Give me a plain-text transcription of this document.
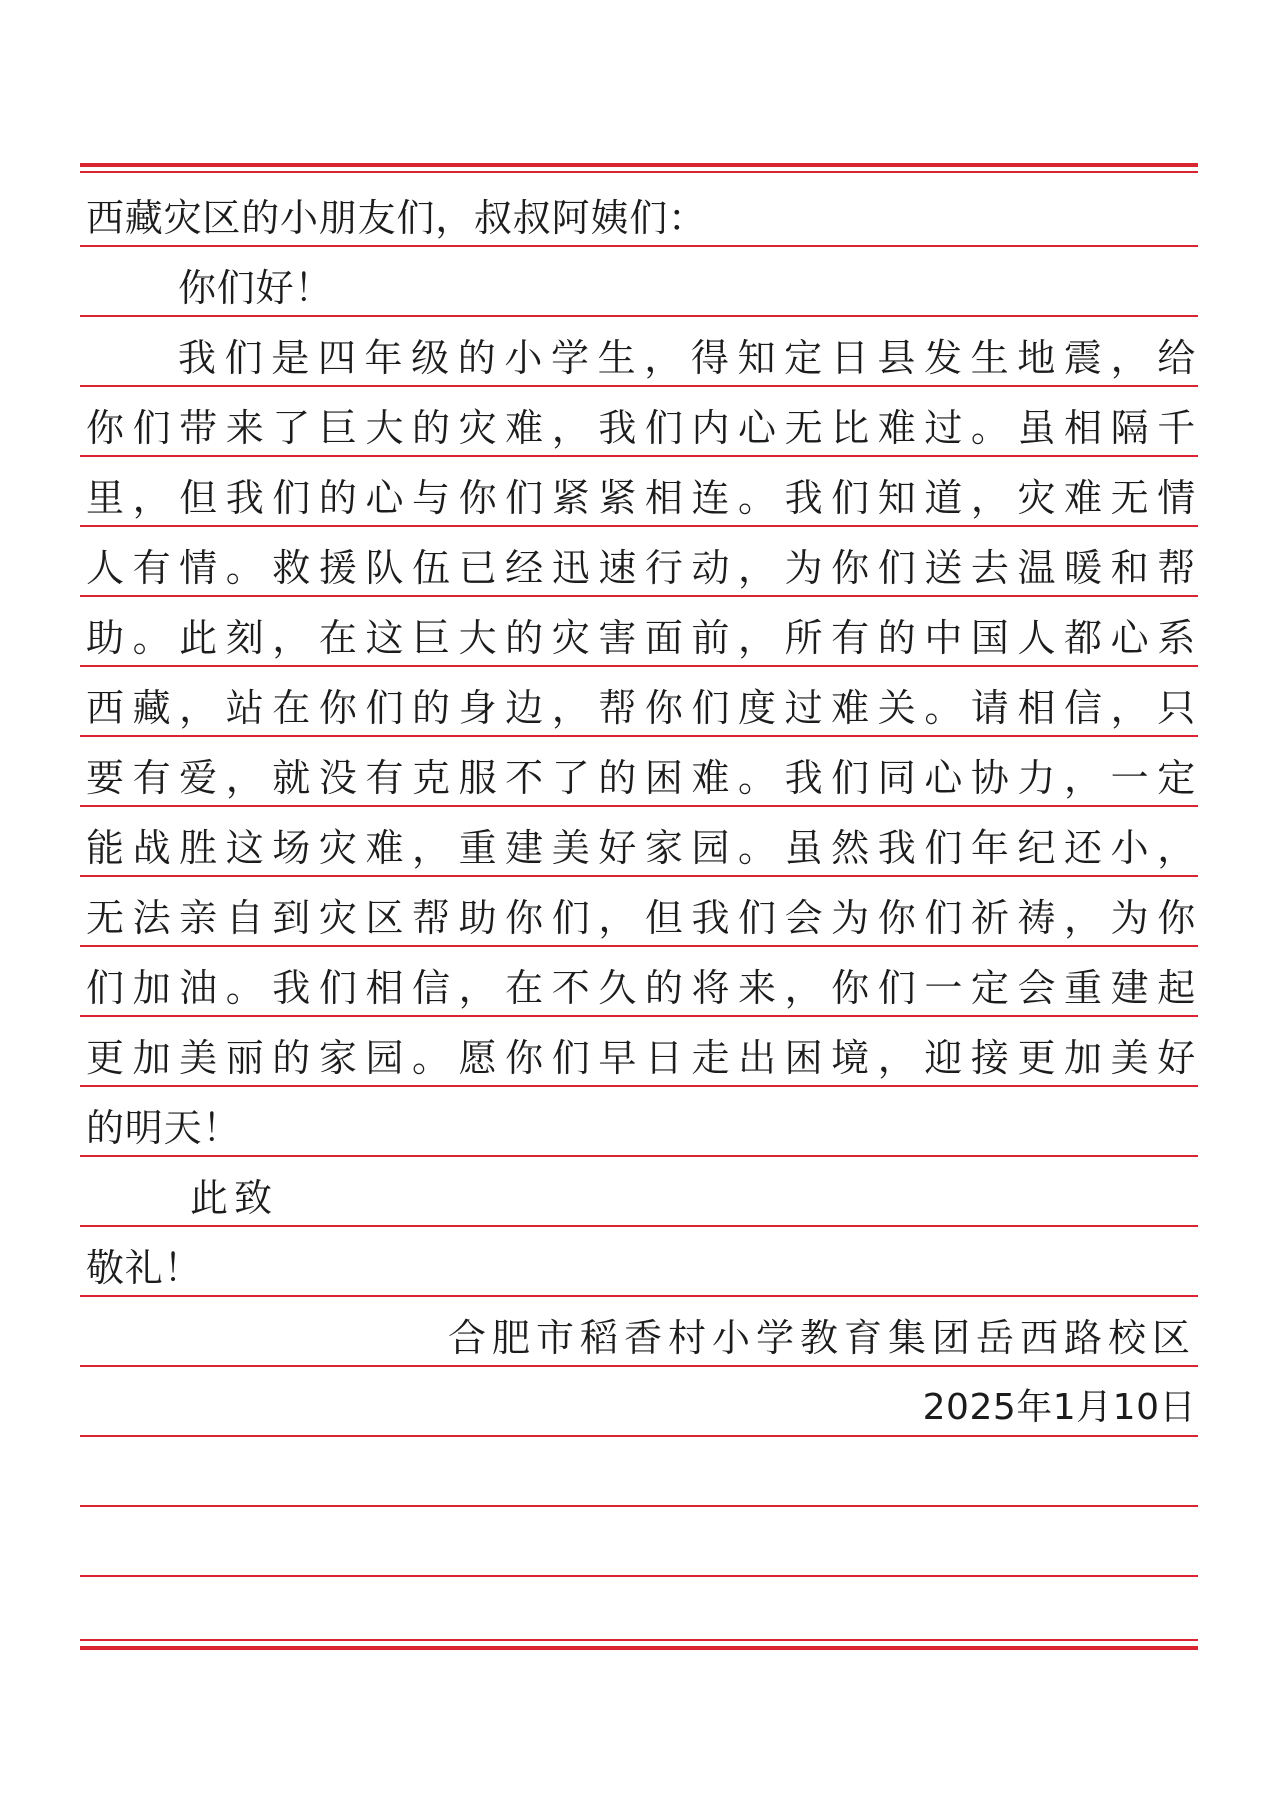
西藏灾区的小朋友们，叔叔阿姨们：
你们好！
我们是四年级的小学生，得知定日县发生地震，给
你们带来了巨大的灾难，我们内心无比难过。虽相隔千
里，但我们的心与你们紧紧相连。我们知道，灾难无情
人有情。救援队伍已经迅速行动，为你们送去温暖和帮
助。此刻，在这巨大的灾害面前，所有的中国人都心系
西藏，站在你们的身边，帮你们度过难关。请相信，只
要有爱，就没有克服不了的困难。我们同心协力，一定
能战胜这场灾难，重建美好家园。虽然我们年纪还小，
无法亲自到灾区帮助你们，但我们会为你们祈祷，为你
们加油。我们相信，在不久的将来，你们一定会重建起
更加美丽的家园。愿你们早日走出困境，迎接更加美好
的明天！
此致
敬礼！
合肥市稻香村小学教育集团岳西路校区
2025年1月10日
